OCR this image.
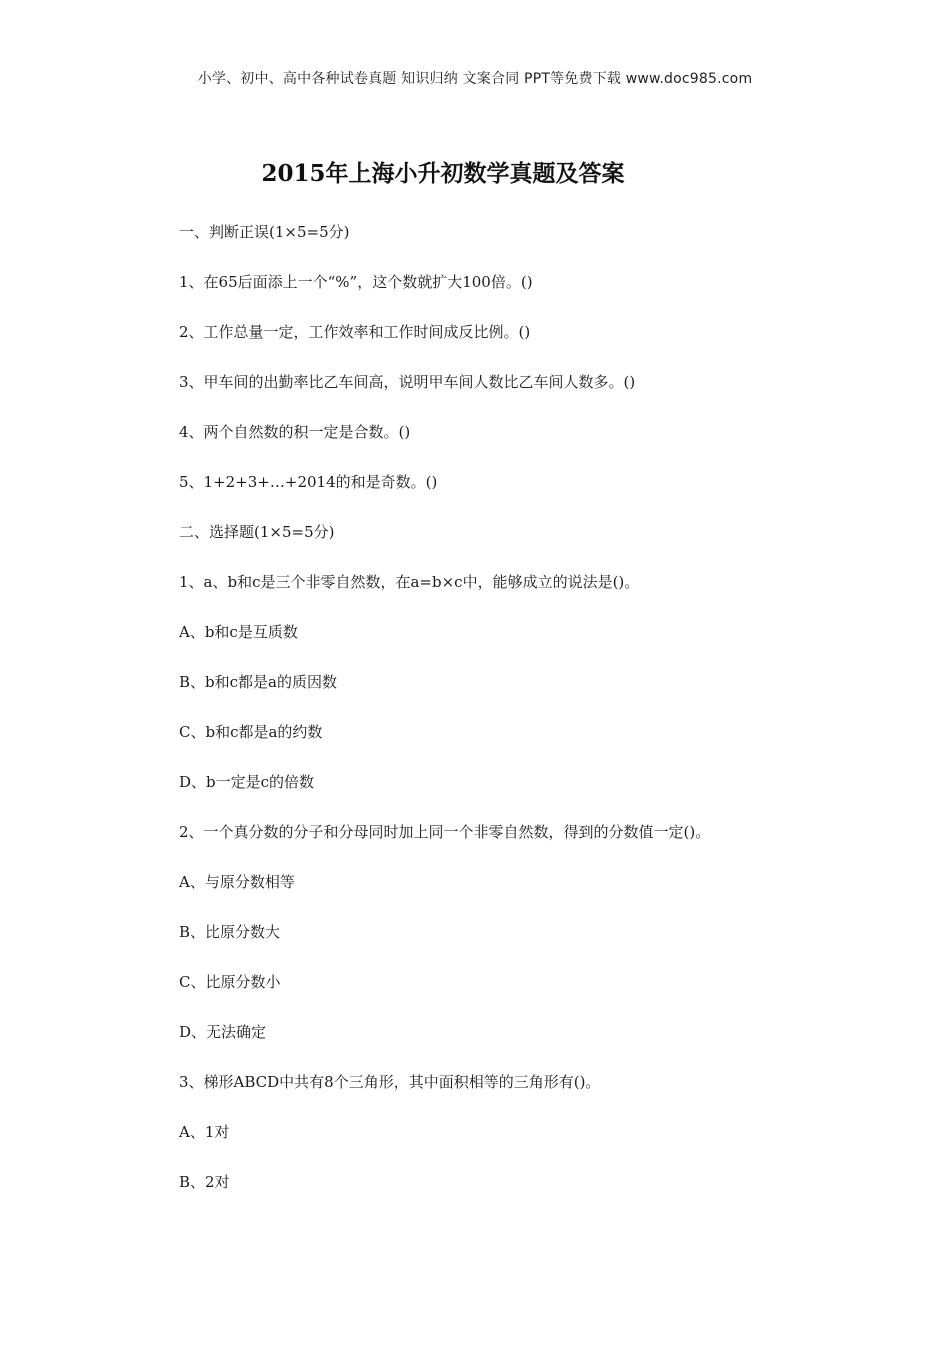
小学、初中、高中各种试卷真题 知识归纳 文案合同 PPT等免费下载 www.doc985.com
2015年上海小升初数学真题及答案
一、判断正误(1×5=5分)
1、在65后面添上一个“%”，这个数就扩大100倍。()
2、工作总量一定，工作效率和工作时间成反比例。()
3、甲车间的出勤率比乙车间高，说明甲车间人数比乙车间人数多。()
4、两个自然数的积一定是合数。()
5、1+2+3+…+2014的和是奇数。()
二、选择题(1×5=5分)
1、a、b和c是三个非零自然数，在a=b×c中，能够成立的说法是()。
A、b和c是互质数
B、b和c都是a的质因数
C、b和c都是a的约数
D、b一定是c的倍数
2、一个真分数的分子和分母同时加上同一个非零自然数，得到的分数值一定()。
A、与原分数相等
B、比原分数大
C、比原分数小
D、无法确定
3、梯形ABCD中共有8个三角形，其中面积相等的三角形有()。
A、1对
B、2对
